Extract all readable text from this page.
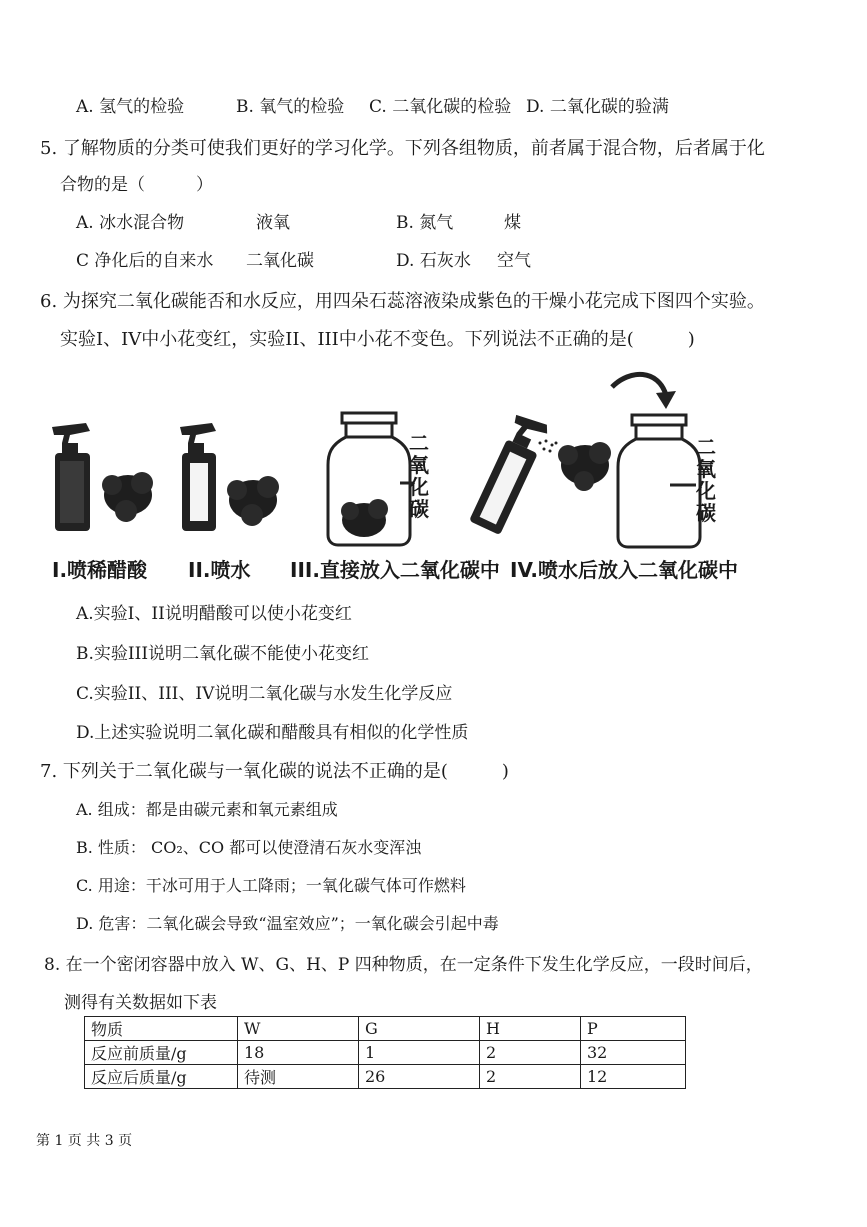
A. 氢气的检验	B. 氧气的检验 C. 二氧化碳的检验 D. 二氧化碳的验满
5. 了解物质的分类可使我们更好的学习化学。下列各组物质，前者属于混合物，后者属于化
合物的是（　　　）
A. 冰水混合物	液氧	B. 氮气	煤
C 净化后的自来水 二氧化碳	D. 石灰水 空气
6. 为探究二氧化碳能否和水反应，用四朵石蕊溶液染成紫色的干燥小花完成下图四个实验。
实验I、IV中小花变红，实验II、III中小花不变色。下列说法不正确的是(　　　)
二氧化碳
二氧化碳
I.喷稀醋酸 II.喷水 III.直接放入二氧化碳中 IV.喷水后放入二氧化碳中
A.实验I、II说明醋酸可以使小花变红
B.实验III说明二氧化碳不能使小花变红
C.实验II、III、IV说明二氧化碳与水发生化学反应
D.上述实验说明二氧化碳和醋酸具有相似的化学性质
7. 下列关于二氧化碳与一氧化碳的说法不正确的是(　　　)
A. 组成：都是由碳元素和氧元素组成
B. 性质： CO₂、CO 都可以使澄清石灰水变浑浊
C. 用途：干冰可用于人工降雨；一氧化碳气体可作燃料
D. 危害：二氧化碳会导致“温室效应”；一氧化碳会引起中毒
8. 在一个密闭容器中放入 W、G、H、P 四种物质，在一定条件下发生化学反应，一段时间后，
测得有关数据如下表
物质	W	G	H	P
反应前质量/g	18	1	2	32
反应后质量/g	待测	26	2	12
第 1 页 共 3 页
